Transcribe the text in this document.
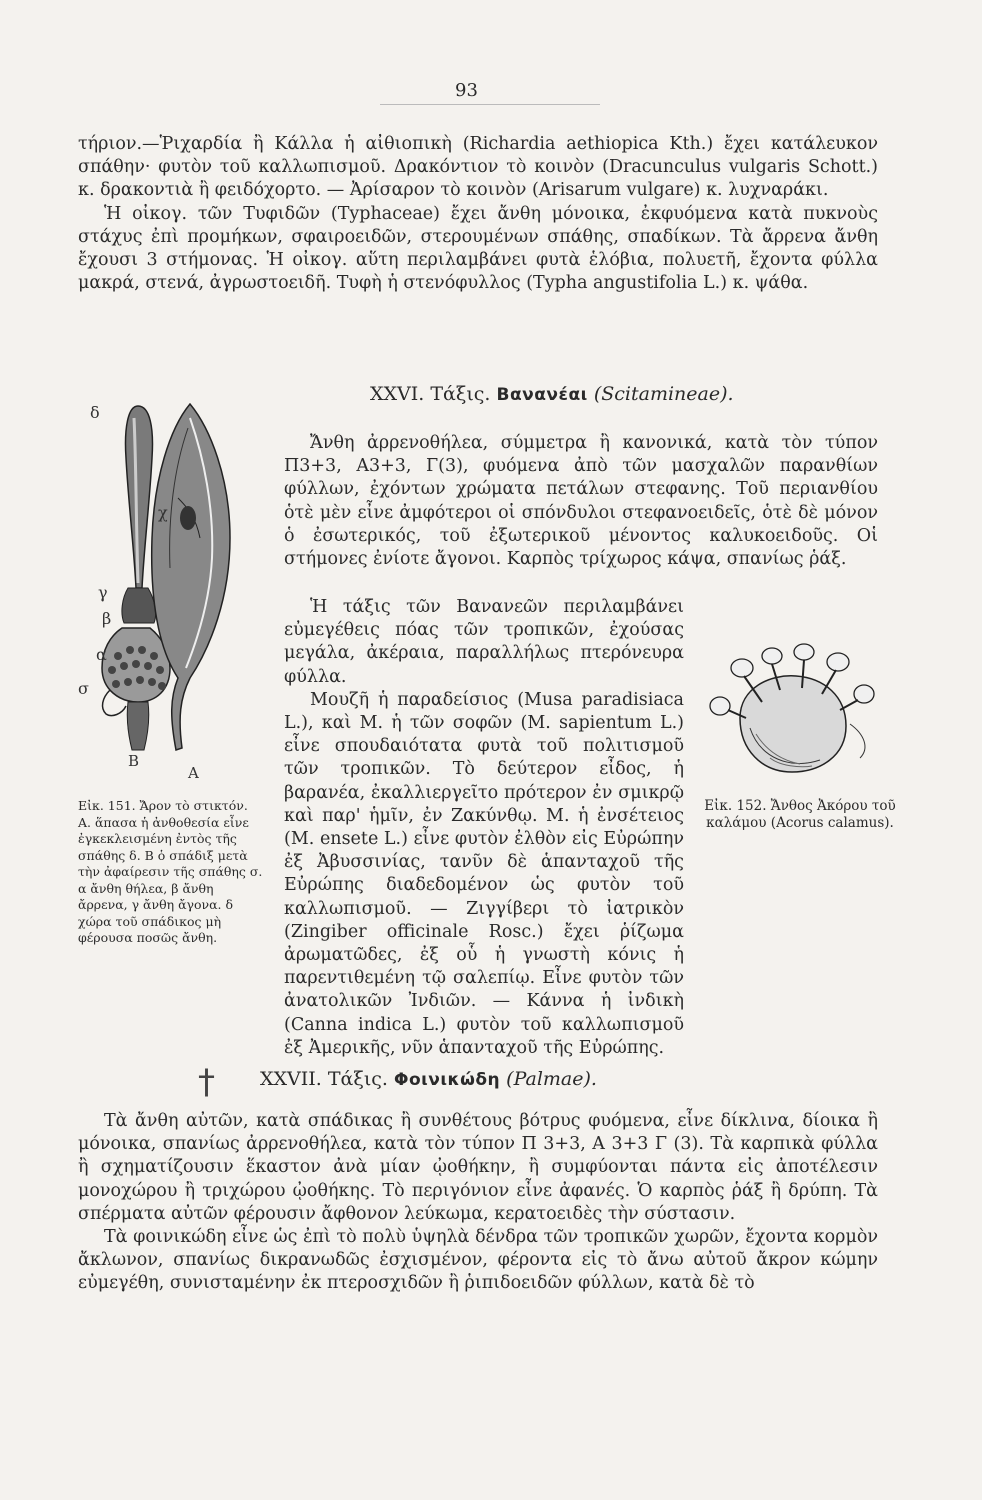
93

τήριον.—Ῥιχαρδία ἢ Κάλλα ἡ αἰθιοπικὴ (Richardia aethiopica Kth.) ἔχει κατάλευκον σπάθην· φυτὸν τοῦ καλλωπισμοῦ. Δρακόντιον τὸ κοινὸν (Dracunculus vulgaris Schott.) κ. δρακοντιὰ ἢ φειδόχορτο. — Ἀρίσαρον τὸ κοινὸν (Arisarum vulgare) κ. λυχναράκι.

Ἡ οἰκογ. τῶν Τυφιδῶν (Typhaceae) ἔχει ἄνθη μόνοικα, ἐκφυόμενα κατὰ πυκνοὺς στάχυς ἐπὶ προμήκων, σφαιροειδῶν, στερουμένων σπάθης, σπαδίκων. Τὰ ἄρρενα ἄνθη ἔχουσι 3 στήμονας. Ἡ οἰκογ. αὕτη περιλαμβάνει φυτὰ ἑλόβια, πολυετῆ, ἔχοντα φύλλα μακρά, στενά, ἀγρωστοειδῆ. Τυφὴ ἡ στενόφυλλος (Typha angustifolia L.) κ. ψάθα.

XXVI. Τάξις. Βανανέαι (Scitamineae).
δ
χ
γ
β
α
σ
Β
Α
Εἰκ. 151. Ἄρον τὸ στικτόν. Α. ἅπασα ἡ ἀνθοθεσία εἶνε ἐγκεκλεισμένη ἐντὸς τῆς σπάθης δ. Β ὁ σπάδιξ μετὰ τὴν ἀφαίρεσιν τῆς σπάθης σ. α ἄνθη θήλεα, β ἄνθη ἄρρενα, γ ἄνθη ἄγονα. δ χώρα τοῦ σπάδικος μὴ φέρουσα ποσῶς ἄνθη.

Ἄνθη ἀρρενοθήλεα, σύμμετρα ἢ κανονικά, κατὰ τὸν τύπον Π3+3, Α3+3, Γ(3), φυόμενα ἀπὸ τῶν μασχαλῶν παρανθίων φύλλων, ἐχόντων χρώματα πετάλων στεφανης. Τοῦ περιανθίου ὁτὲ μὲν εἶνε ἀμφότεροι οἱ σπόνδυλοι στεφανοειδεῖς, ὁτὲ δὲ μόνον ὁ ἐσωτερικός, τοῦ ἐξωτερικοῦ μένοντος καλυκοειδοῦς. Οἱ στήμονες ἐνίοτε ἄγονοι. Καρπὸς τρίχωρος κάψα, σπανίως ῥάξ.

Ἡ τάξις τῶν Βανανεῶν περιλαμβάνει εὐμεγέθεις πόας τῶν τροπικῶν, ἐχούσας μεγάλα, ἀκέραια, παραλλήλως πτερόνευρα φύλλα.

Μουζῆ ἡ παραδείσιος (Musa paradisiaca L.), καὶ Μ. ἡ τῶν σοφῶν (Μ. sapientum L.) εἶνε σπουδαιότατα φυτὰ τοῦ πολιτισμοῦ τῶν τροπικῶν. Τὸ δεύτερον εἶδος, ἡ βαρανέα, ἐκαλλιεργεῖτο πρότερον ἐν σμικρῷ καὶ παρ' ἡμῖν, ἐν Ζακύνθῳ. Μ. ἡ ἐνσέτειος (Μ. ensete L.) εἶνε φυτὸν ἐλθὸν εἰς Εὐρώπην ἐξ Ἀβυσσινίας, τανῦν δὲ ἁπανταχοῦ τῆς Εὐρώπης διαδεδομένον ὡς φυτὸν τοῦ καλλωπισμοῦ. — Ζιγγίβερι τὸ ἰατρικὸν (Zingiber officinale Rosc.) ἔχει ῥίζωμα ἀρωματῶδες, ἐξ οὗ ἡ γνωστὴ κόνις ἡ παρεντιθεμένη τῷ σαλεπίῳ. Εἶνε φυτὸν τῶν ἀνατολικῶν Ἰνδιῶν. — Κάννα ἡ ἰνδικὴ (Canna indica L.) φυτὸν τοῦ καλλωπισμοῦ ἐξ Ἀμερικῆς, νῦν ἁπανταχοῦ τῆς Εὐρώπης.

Εἰκ. 152. Ἄνθος Ἀκόρου τοῦ καλάμου (Acorus calamus).
† XXVII. Τάξις. Φοινικώδη (Palmae).

Τὰ ἄνθη αὐτῶν, κατὰ σπάδικας ἢ συνθέτους βότρυς φυόμενα, εἶνε δίκλινα, δίοικα ἢ μόνοικα, σπανίως ἀρρενοθήλεα, κατὰ τὸν τύπον Π 3+3, Α 3+3 Γ (3). Τὰ καρπικὰ φύλλα ἢ σχηματίζουσιν ἕκαστον ἀνὰ μίαν ᾠοθήκην, ἢ συμφύονται πάντα εἰς ἀποτέλεσιν μονοχώρου ἢ τριχώρου ᾠοθήκης. Τὸ περιγόνιον εἶνε ἀφανές. Ὁ καρπὸς ῥάξ ἢ δρύπη. Τὰ σπέρματα αὐτῶν φέρουσιν ἄφθονον λεύκωμα, κερατοειδὲς τὴν σύστασιν.

Τὰ φοινικώδη εἶνε ὡς ἐπὶ τὸ πολὺ ὑψηλὰ δένδρα τῶν τροπικῶν χωρῶν, ἔχοντα κορμὸν ἄκλωνον, σπανίως δικρανωδῶς ἐσχισμένον, φέροντα εἰς τὸ ἄνω αὐτοῦ ἄκρον κώμην εὐμεγέθη, συνισταμένην ἐκ πτεροσχιδῶν ἢ ῥιπιδοειδῶν φύλλων, κατὰ δὲ τὸ
